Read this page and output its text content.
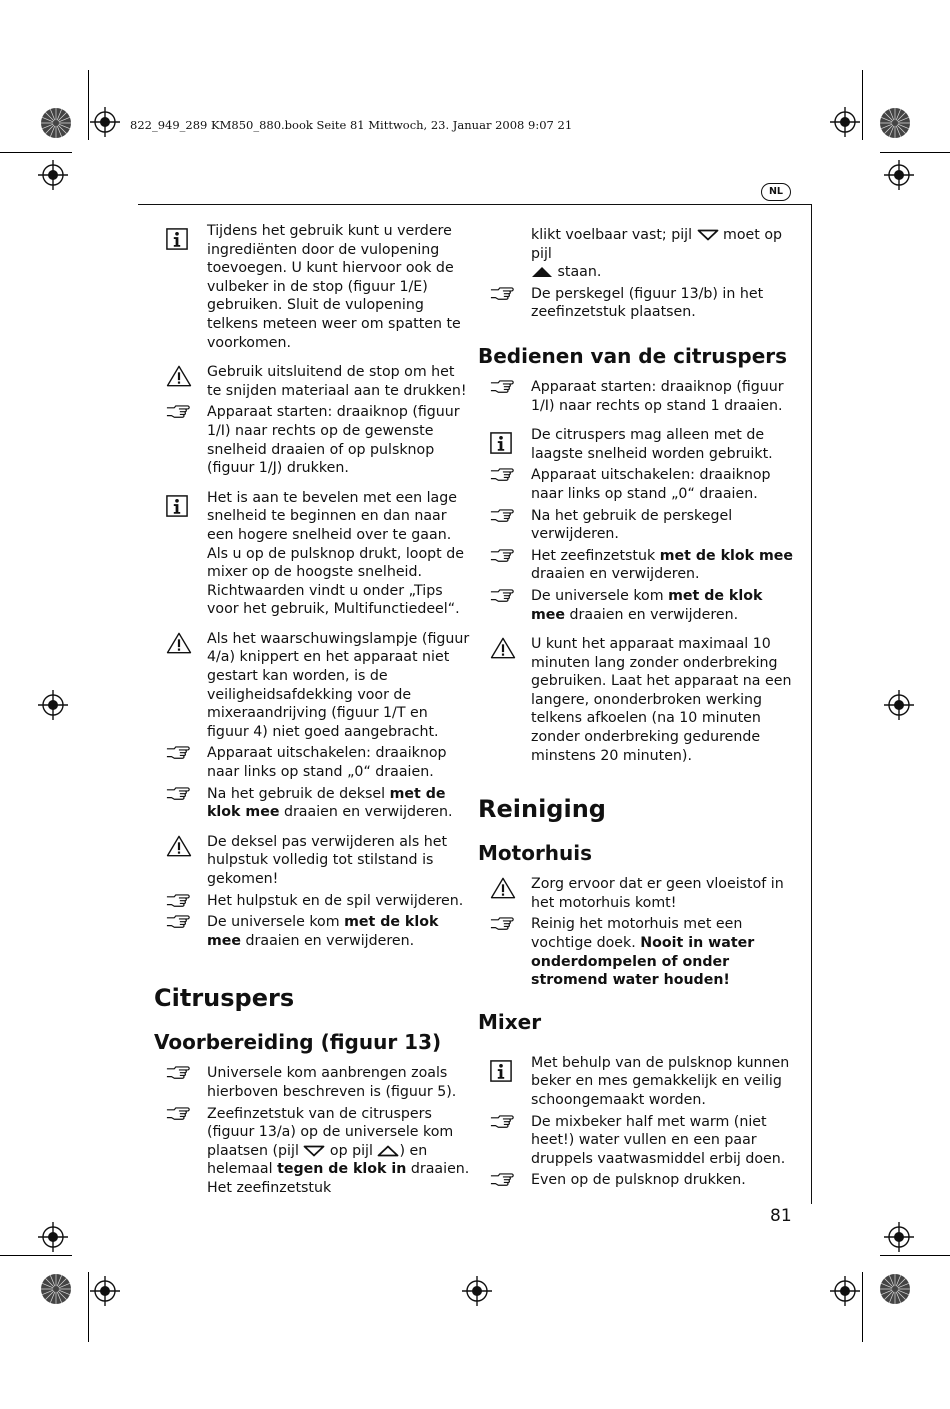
822_949_289 KM850_880.book Seite 81 Mittwoch, 23. Januar 2008 9:07 21
NL
Tijdens het gebruik kunt u verdere ingrediënten door de vulopening toevoegen. U kunt hiervoor ook de vulbeker in de stop (figuur 1/E) gebruiken. Sluit de vulopening telkens meteen weer om spatten te voorkomen.
Gebruik uitsluitend de stop om het te snijden materiaal aan te drukken!
Apparaat starten: draaiknop (figuur 1/I) naar rechts op de gewenste snelheid draaien of op pulsknop (figuur 1/J) drukken.
Het is aan te bevelen met een lage snelheid te beginnen en dan naar een hogere snelheid over te gaan. Als u op de pulsknop drukt, loopt de mixer op de hoogste snelheid.
Richtwaarden vindt u onder „Tips voor het gebruik, Multifunctiedeel“.
Als het waarschuwingslampje (figuur 4/a) knippert en het apparaat niet gestart kan worden, is de veiligheidsafdekking voor de mixeraandrijving (figuur 1/T en figuur 4) niet goed aangebracht.
Apparaat uitschakelen: draaiknop naar links op stand „0“ draaien.
Na het gebruik de deksel met de klok mee draaien en verwijderen.
De deksel pas verwijderen als het hulpstuk volledig tot stilstand is gekomen!
Het hulpstuk en de spil verwijderen.
De universele kom met de klok mee draaien en verwijderen.
Citruspers
Voorbereiding (figuur 13)
Universele kom aanbrengen zoals hierboven beschreven is (figuur 5).
Zeefinzetstuk van de citruspers (figuur 13/a) op de universele kom plaatsen (pijl  op pijl ) en helemaal tegen de klok in draaien. Het zeefinzetstuk
klikt voelbaar vast; pijl  moet op pijl
staan.
De perskegel (figuur 13/b) in het zeefinzetstuk plaatsen.
Bedienen van de citruspers
Apparaat starten: draaiknop (figuur 1/I) naar rechts op stand 1 draaien.
De citruspers mag alleen met de laagste snelheid worden gebruikt.
Apparaat uitschakelen: draaiknop naar links op stand „0“ draaien.
Na het gebruik de perskegel verwijderen.
Het zeefinzetstuk met de klok mee draaien en verwijderen.
De universele kom met de klok mee draaien en verwijderen.
U kunt het apparaat maximaal 10 minuten lang zonder onderbreking gebruiken. Laat het apparaat na een langere, ononderbroken werking telkens afkoelen (na 10 minuten zonder onderbreking gedurende minstens 20 minuten).
Reiniging
Motorhuis
Zorg ervoor dat er geen vloeistof in het motorhuis komt!
Reinig het motorhuis met een vochtige doek. Nooit in water onderdompelen of onder stromend water houden!
Mixer
Met behulp van de pulsknop kunnen beker en mes gemakkelijk en veilig schoongemaakt worden.
De mixbeker half met warm (niet heet!) water vullen en een paar druppels vaatwasmiddel erbij doen.
Even op de pulsknop drukken.
81
